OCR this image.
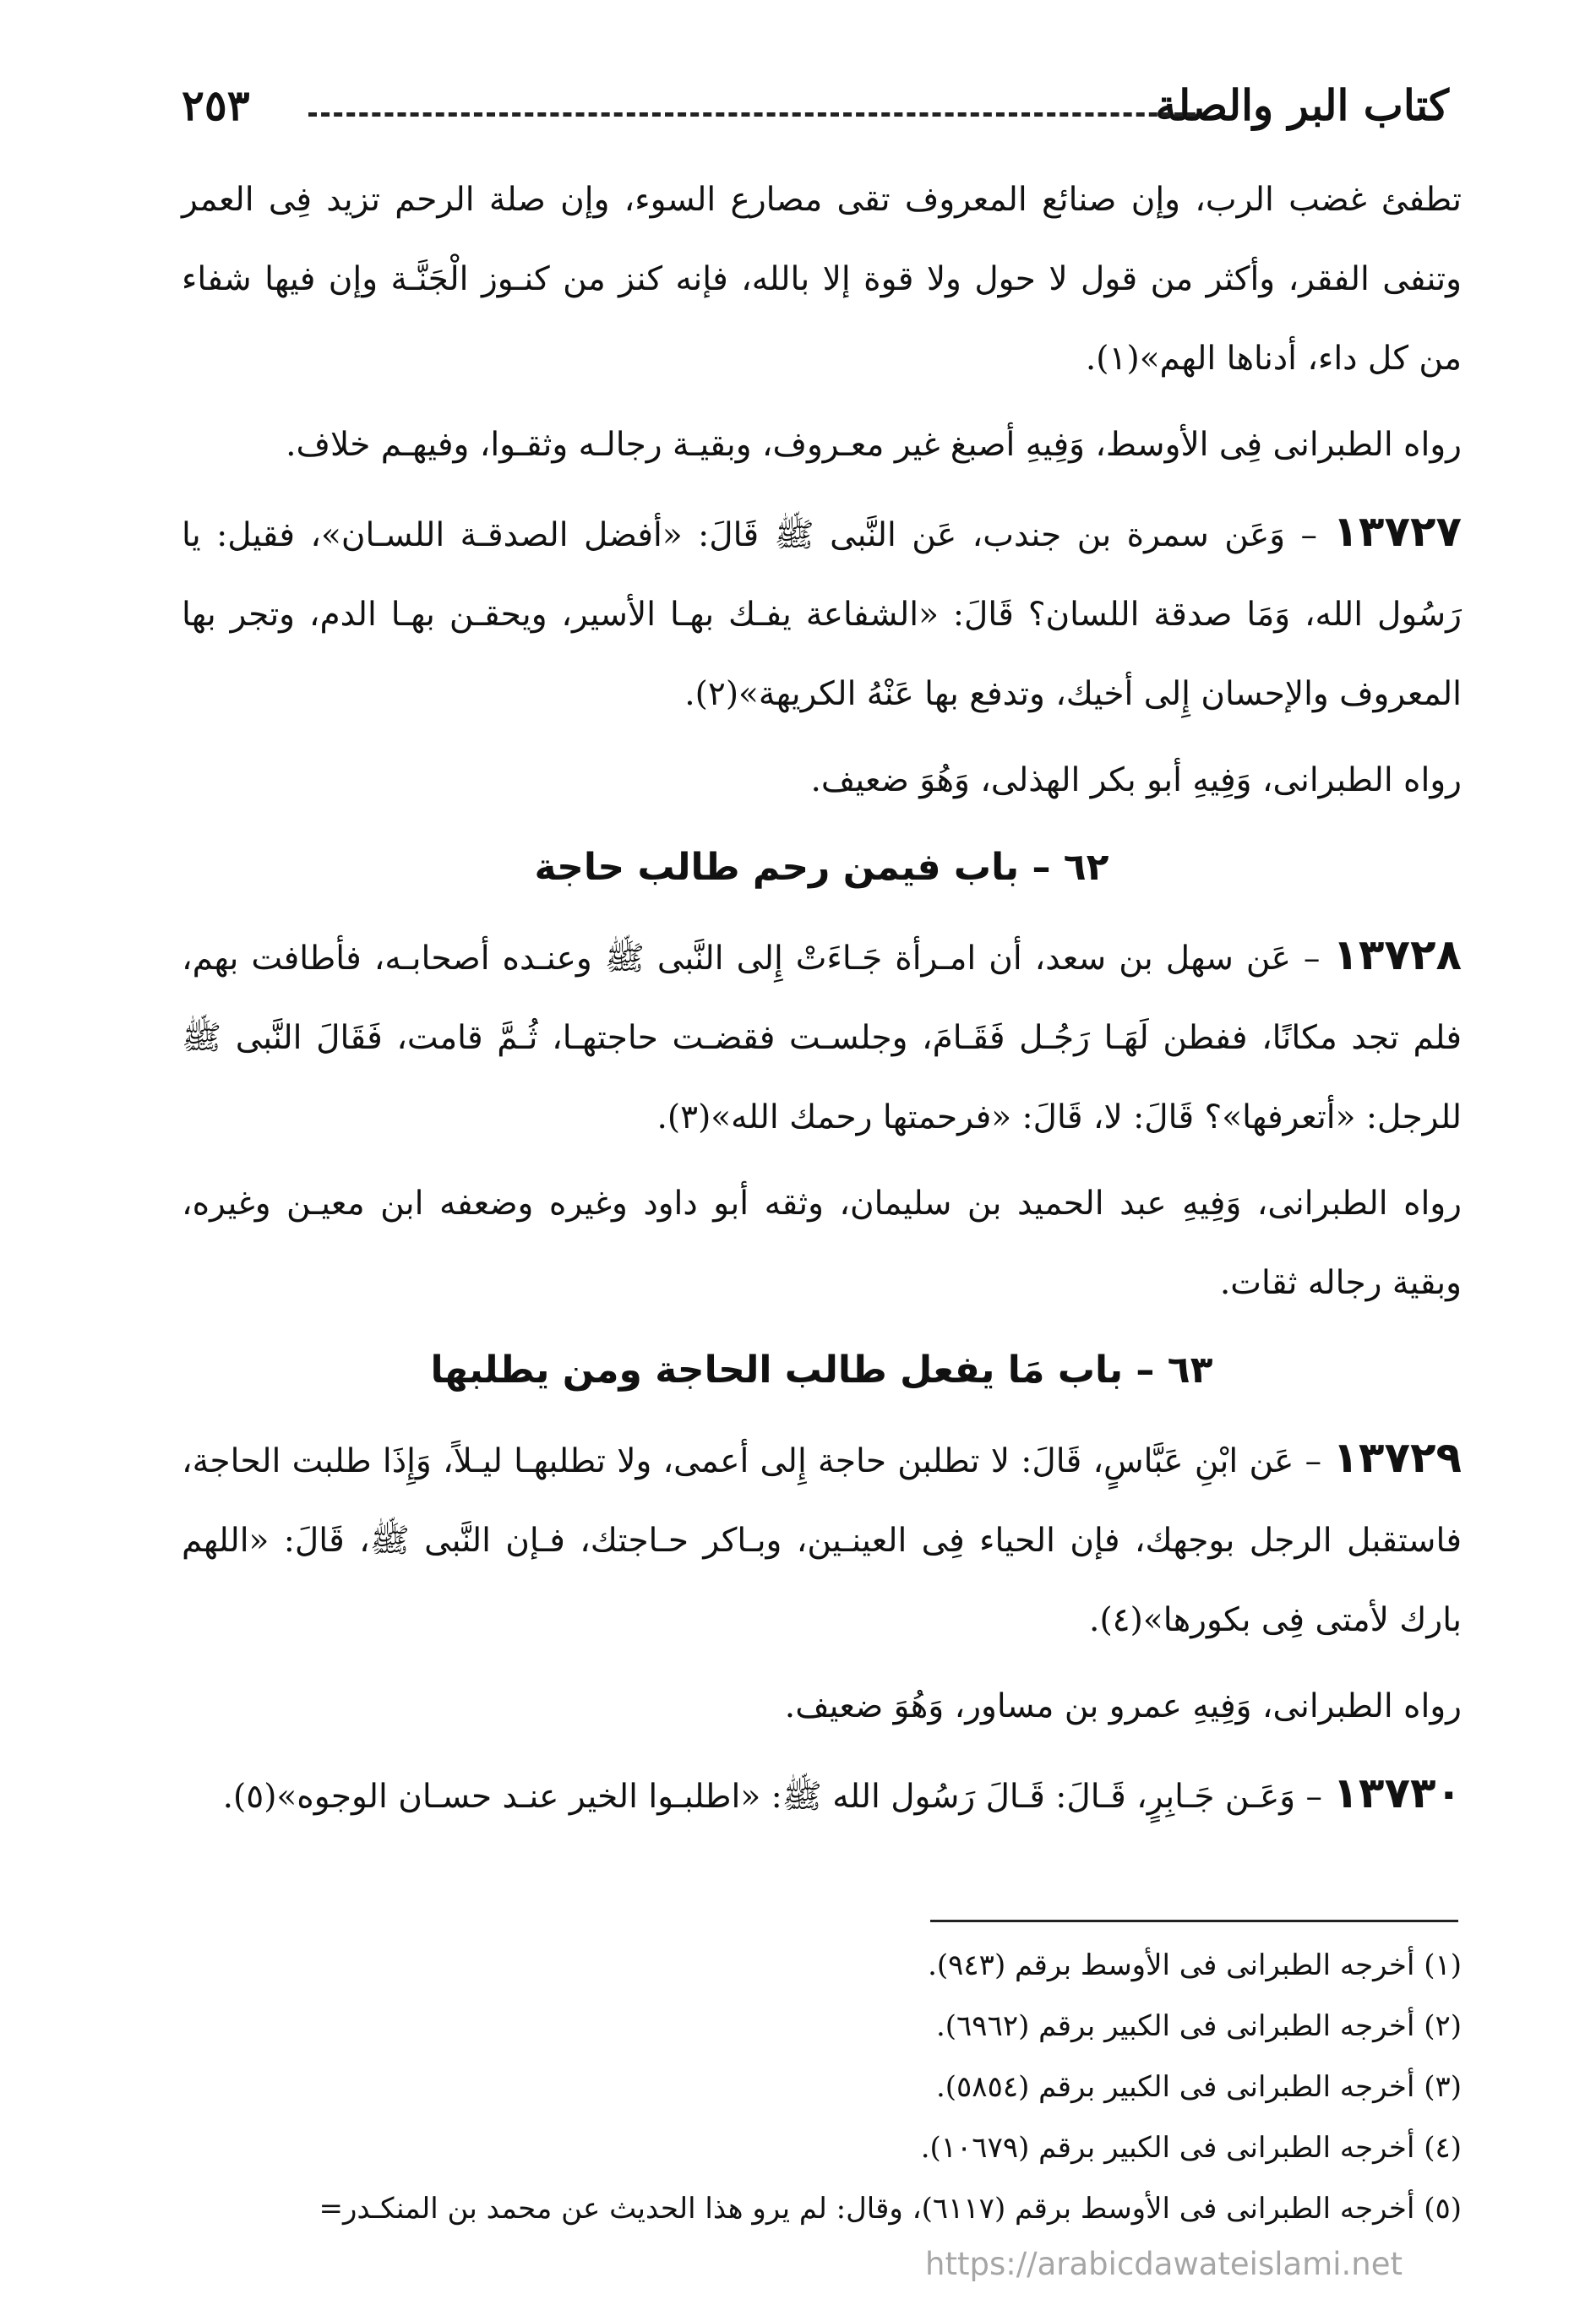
كتاب البر والصلة
٢٥٣

تطفئ غضب الرب، وإن صنائع المعروف تقى مصارع السوء، وإن صلة الرحم تزيد فِى العمر وتنفى الفقر، وأكثر من قول لا حول ولا قوة إلا بالله، فإنه كنز من كنـوز الْجَنَّـة وإن فيها شفاء من كل داء، أدناها الهم»(١).

رواه الطبرانى فِى الأوسط، وَفِيهِ أصبغ غير معـروف، وبقيـة رجالـه وثقـوا، وفيهـم خلاف.

١٣٧٢٧ – وَعَن سمرة بن جندب، عَن النَّبى ﷺ قَالَ: «أفضل الصدقـة اللسـان»، فقيل: يا رَسُول الله، وَمَا صدقة اللسان؟ قَالَ: «الشفاعة يفـك بهـا الأسير، ويحقـن بهـا الدم، وتجر بها المعروف والإحسان إِلى أخيك، وتدفع بها عَنْهُ الكريهة»(٢).

رواه الطبرانى، وَفِيهِ أبو بكر الهذلى، وَهُوَ ضعيف.

٦٢ – باب فيمن رحم طالب حاجة

١٣٧٢٨ – عَن سهل بن سعد، أن امـرأة جَـاءَتْ إِلى النَّبى ﷺ وعنـده أصحابـه، فأطافت بهم، فلم تجد مكانًا، ففطن لَهَـا رَجُـل فَقَـامَ، وجلسـت فقضـت حاجتهـا، ثُـمَّ قامت، فَقَالَ النَّبى ﷺ للرجل: «أتعرفها»؟ قَالَ: لا، قَالَ: «فرحمتها رحمك الله»(٣).

رواه الطبرانى، وَفِيهِ عبد الحميد بن سليمان، وثقه أبو داود وغيره وضعفه ابن معيـن وغيره، وبقية رجاله ثقات.

٦٣ – باب مَا يفعل طالب الحاجة ومن يطلبها

١٣٧٢٩ – عَن ابْنِ عَبَّاسٍ، قَالَ: لا تطلبن حاجة إِلى أعمى، ولا تطلبهـا ليـلاً، وَإِذَا طلبت الحاجة، فاستقبل الرجل بوجهك، فإن الحياء فِى العينـين، وبـاكر حـاجتك، فـإن النَّبى ﷺ، قَالَ: «اللهم بارك لأمتى فِى بكورها»(٤).

رواه الطبرانى، وَفِيهِ عمرو بن مساور، وَهُوَ ضعيف.

١٣٧٣٠ – وَعَـن جَـابِرٍ، قَـالَ: قَـالَ رَسُول الله ﷺ: «اطلبـوا الخير عنـد حسـان الوجوه»(٥).

(١) أخرجه الطبرانى فى الأوسط برقم (٩٤٣).
(٢) أخرجه الطبرانى فى الكبير برقم (٦٩٦٢).
(٣) أخرجه الطبرانى فى الكبير برقم (٥٨٥٤).
(٤) أخرجه الطبرانى فى الكبير برقم (١٠٦٧٩).
(٥) أخرجه الطبرانى فى الأوسط برقم (٦١١٧)، وقال: لم يرو هذا الحديث عن محمد بن المنكـدر=
https://arabicdawateislami.net
